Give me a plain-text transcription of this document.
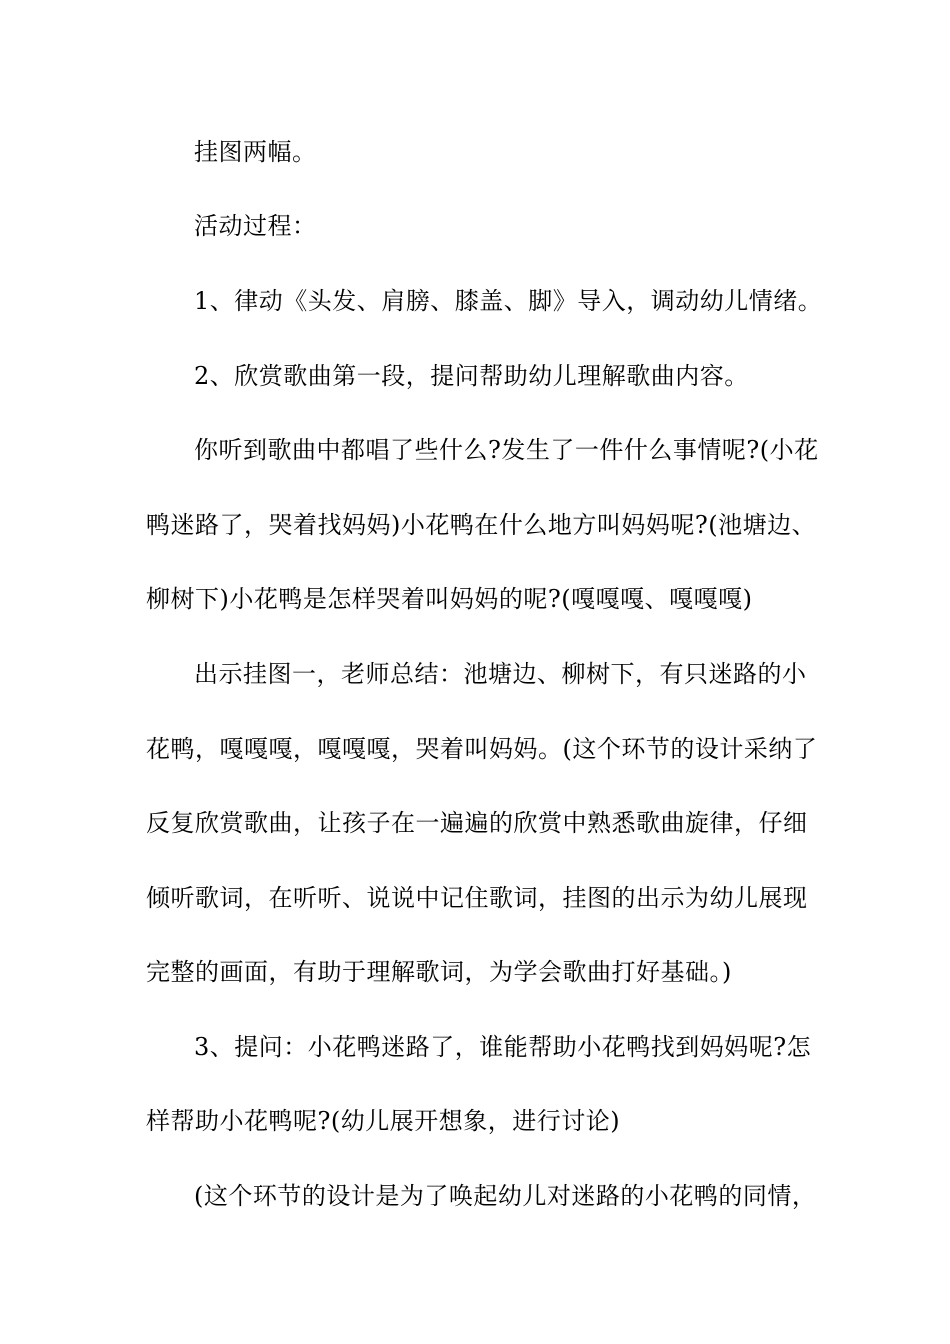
挂图两幅。
活动过程：
1、律动《头发、肩膀、膝盖、脚》导入，调动幼儿情绪。
2、欣赏歌曲第一段，提问帮助幼儿理解歌曲内容。
你听到歌曲中都唱了些什么?发生了一件什么事情呢?(小花
鸭迷路了，哭着找妈妈)小花鸭在什么地方叫妈妈呢?(池塘边、
柳树下)小花鸭是怎样哭着叫妈妈的呢?(嘎嘎嘎、嘎嘎嘎)
出示挂图一，老师总结：池塘边、柳树下，有只迷路的小
花鸭，嘎嘎嘎，嘎嘎嘎，哭着叫妈妈。(这个环节的设计采纳了
反复欣赏歌曲，让孩子在一遍遍的欣赏中熟悉歌曲旋律，仔细
倾听歌词，在听听、说说中记住歌词，挂图的出示为幼儿展现
完整的画面，有助于理解歌词，为学会歌曲打好基础。)
3、提问：小花鸭迷路了，谁能帮助小花鸭找到妈妈呢?怎
样帮助小花鸭呢?(幼儿展开想象，进行讨论)
(这个环节的设计是为了唤起幼儿对迷路的小花鸭的同情，
